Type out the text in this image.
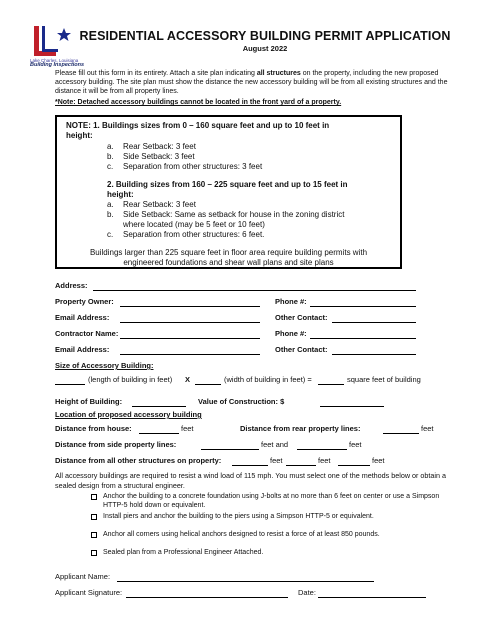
Lake Charles, Louisiana
Building Inspections
RESIDENTIAL ACCESSORY BUILDING PERMIT APPLICATION
August 2022
Please fill out this form in its entirety. Attach a site plan indicating all structures on the property, including the new proposed accessory building. The site plan must show the distance the new accessory building will be from all existing structures and the distance it will be from all property lines.
*Note: Detached accessory buildings cannot be located in the front yard of a property.
NOTE: 1. Buildings sizes from 0 – 160 square feet and up to 10 feet in
height:
a. Rear Setback: 3 feet
b. Side Setback: 3 feet
c. Separation from other structures: 3 feet
2. Building sizes from 160 – 225 square feet and up to 15 feet in
height:
a. Rear Setback: 3 feet
b. Side Setback: Same as setback for house in the zoning district
where located (may be 5 feet or 10 feet)
c. Separation from other structures: 6 feet.
Buildings larger than 225 square feet in floor area require building permits with
engineered foundations and shear wall plans and site plans
Address:
Property Owner:	Phone #:
Email Address:	Other Contact:
Contractor Name:	Phone #:
Email Address:	Other Contact:
Size of Accessory Building:
(length of building in feet) X	(width of building in feet) =	square feet of building
Height of Building:	Value of Construction: $
Location of proposed accessory building
Distance from house:	feet	Distance from rear property lines:	feet
Distance from side property lines:	feet and	feet
Distance from all other structures on property:	feet	feet	feet
All accessory buildings are required to resist a wind load of 115 mph. You must select one of the methods below or obtain a sealed design from a structural engineer.
Anchor the building to a concrete foundation using J-bolts at no more than 6 feet on center or use a Simpson HTTP-5 hold down or equivalent.
Install piers and anchor the building to the piers using a Simpson HTTP-5 or equivalent.
Anchor all corners using helical anchors designed to resist a force of at least 850 pounds.
Sealed plan from a Professional Engineer Attached.
Applicant Name:
Applicant Signature:	Date:
